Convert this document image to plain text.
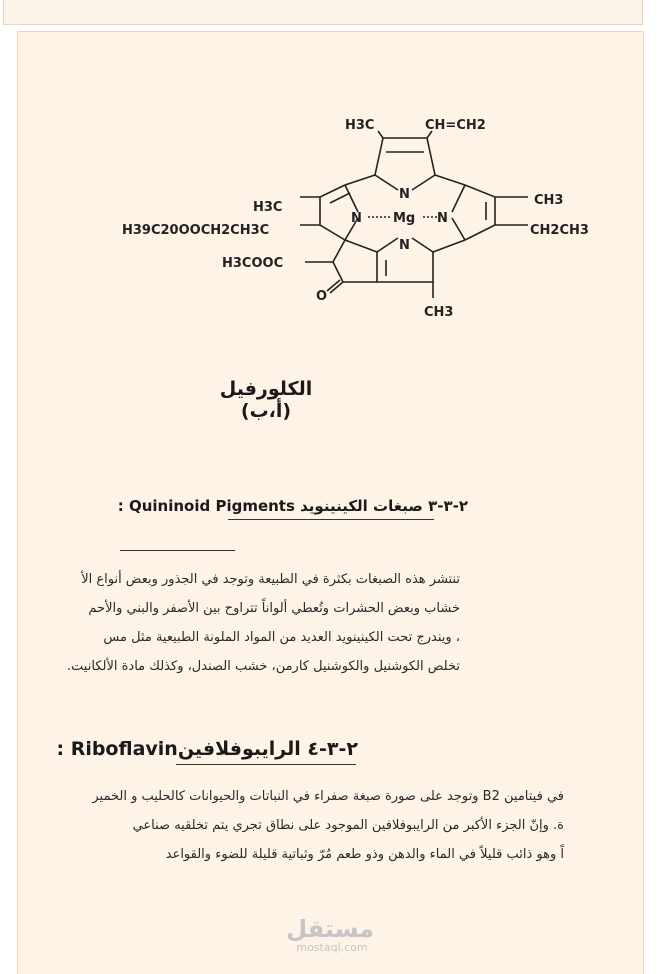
H3C	CH=CH2
N
N Mg N
N
H3C	CH3
CH2CH3
H39C20OOCH2CH3C
H3COOC
O
CH3
الكلورفيل (أ،ب)
٢-٣-٣ صبغات الكينينويد Quininoid Pigments :
تنتشر هذه الصبغات بكثرة في الطبيعة وتوجد في الجذور وبعض أنواع الأ
خشاب وبعض الحشرات وتُعطي ألواناً تتراوح بين الأصفر والبني والأحم
، ويندرج تحت الكينينويد العديد من المواد الملونة الطبيعية مثل مس
تخلص الكوشنيل والكوشنيل كارمن، خشب الصندل، وكذلك مادة الألكانيت.
٢-٣-٤ الرايبوفلافينRiboflavin :
في فيتامين B2 وتوجد على صورة صبغة صفراء في النباتات والحيوانات كالحليب و الخمير
ة. وإنّ الجزء الأكبر من الرايبوفلافين الموجود على نطاق تجري يتم تخلقيه صناعي
اً وهو ذائب قليلاً في الماء والدهن وذو طعم مُرّ وثباتية قليلة للضوء والقواعد
مستقل
mostaql.com
